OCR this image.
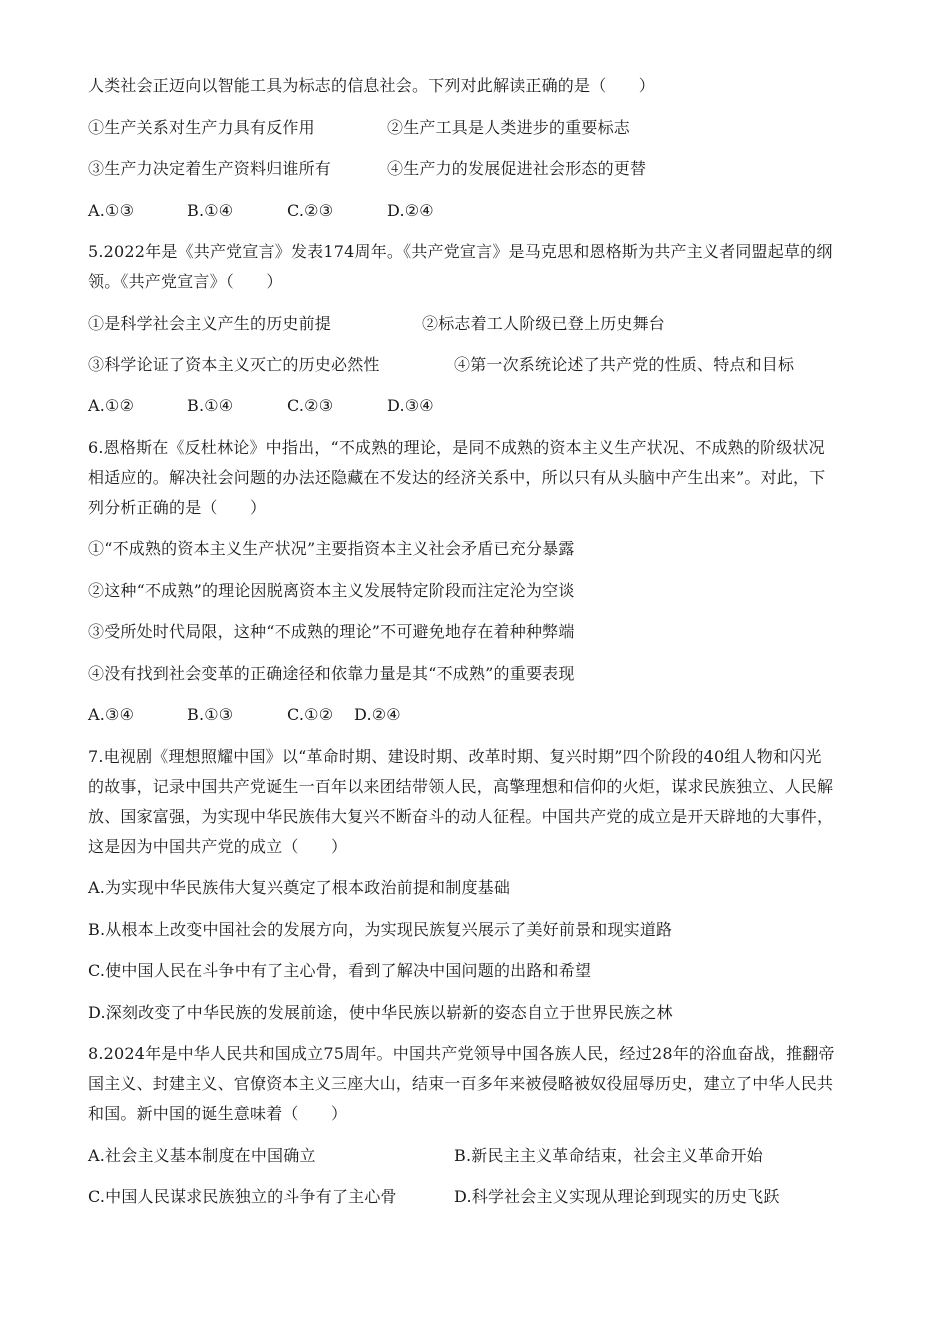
人类社会正迈向以智能工具为标志的信息社会。下列对此解读正确的是（　　）
①生产关系对生产力具有反作用	②生产工具是人类进步的重要标志
③生产力决定着生产资料归谁所有	④生产力的发展促进社会形态的更替
A.①③	B.①④	C.②③	D.②④
5.2022年是《共产党宣言》发表174周年。《共产党宣言》是马克思和恩格斯为共产主义者同盟起草的纲
领。《共产党宣言》（　　）
①是科学社会主义产生的历史前提	②标志着工人阶级已登上历史舞台
③科学论证了资本主义灭亡的历史必然性	④第一次系统论述了共产党的性质、特点和目标
A.①②	B.①④	C.②③	D.③④
6.恩格斯在《反杜林论》中指出，“不成熟的理论，是同不成熟的资本主义生产状况、不成熟的阶级状况
相适应的。解决社会问题的办法还隐藏在不发达的经济关系中，所以只有从头脑中产生出来”。对此，下
列分析正确的是（　　）
①“不成熟的资本主义生产状况”主要指资本主义社会矛盾已充分暴露
②这种“不成熟”的理论因脱离资本主义发展特定阶段而注定沦为空谈
③受所处时代局限，这种“不成熟的理论”不可避免地存在着种种弊端
④没有找到社会变革的正确途径和依靠力量是其“不成熟”的重要表现
A.③④	B.①③	C.①② D.②④
7.电视剧《理想照耀中国》以“革命时期、建设时期、改革时期、复兴时期”四个阶段的40组人物和闪光
的故事，记录中国共产党诞生一百年以来团结带领人民，高擎理想和信仰的火炬，谋求民族独立、人民解
放、国家富强，为实现中华民族伟大复兴不断奋斗的动人征程。中国共产党的成立是开天辟地的大事件，
这是因为中国共产党的成立（　　）
A.为实现中华民族伟大复兴奠定了根本政治前提和制度基础
B.从根本上改变中国社会的发展方向，为实现民族复兴展示了美好前景和现实道路
C.使中国人民在斗争中有了主心骨，看到了解决中国问题的出路和希望
D.深刻改变了中华民族的发展前途，使中华民族以崭新的姿态自立于世界民族之林
8.2024年是中华人民共和国成立75周年。中国共产党领导中国各族人民，经过28年的浴血奋战，推翻帝
国主义、封建主义、官僚资本主义三座大山，结束一百多年来被侵略被奴役屈辱历史，建立了中华人民共
和国。新中国的诞生意味着（　　）
A.社会主义基本制度在中国确立	B.新民主主义革命结束，社会主义革命开始
C.中国人民谋求民族独立的斗争有了主心骨	D.科学社会主义实现从理论到现实的历史飞跃
